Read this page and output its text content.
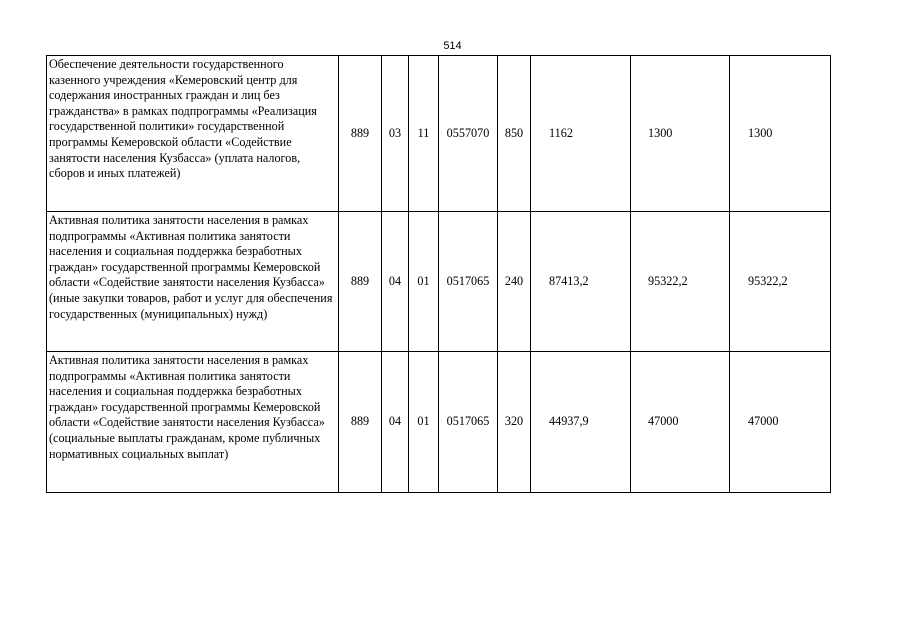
514
Обеспечение деятельности государственного казенного учреждения «Кемеровский центр для содержания иностранных граждан и лиц без гражданства» в рамках подпрограммы «Реализация государственной политики» государственной программы Кемеровской области «Содействие занятости населения Кузбасса» (уплата налогов, сборов и иных платежей)	889	03	11	0557070	850	1162	1300	1300
Активная политика занятости населения в рамках подпрограммы «Активная политика занятости населения и социальная поддержка безработных граждан» государственной программы Кемеровской области «Содействие занятости населения Кузбасса» (иные закупки товаров, работ и услуг для обеспечения государственных (муниципальных) нужд)	889	04	01	0517065	240	87413,2	95322,2	95322,2
Активная политика занятости населения в рамках подпрограммы «Активная политика занятости населения и социальная поддержка безработных граждан» государственной программы Кемеровской области «Содействие занятости населения Кузбасса» (социальные выплаты гражданам, кроме публичных нормативных социальных выплат)	889	04	01	0517065	320	44937,9	47000	47000
